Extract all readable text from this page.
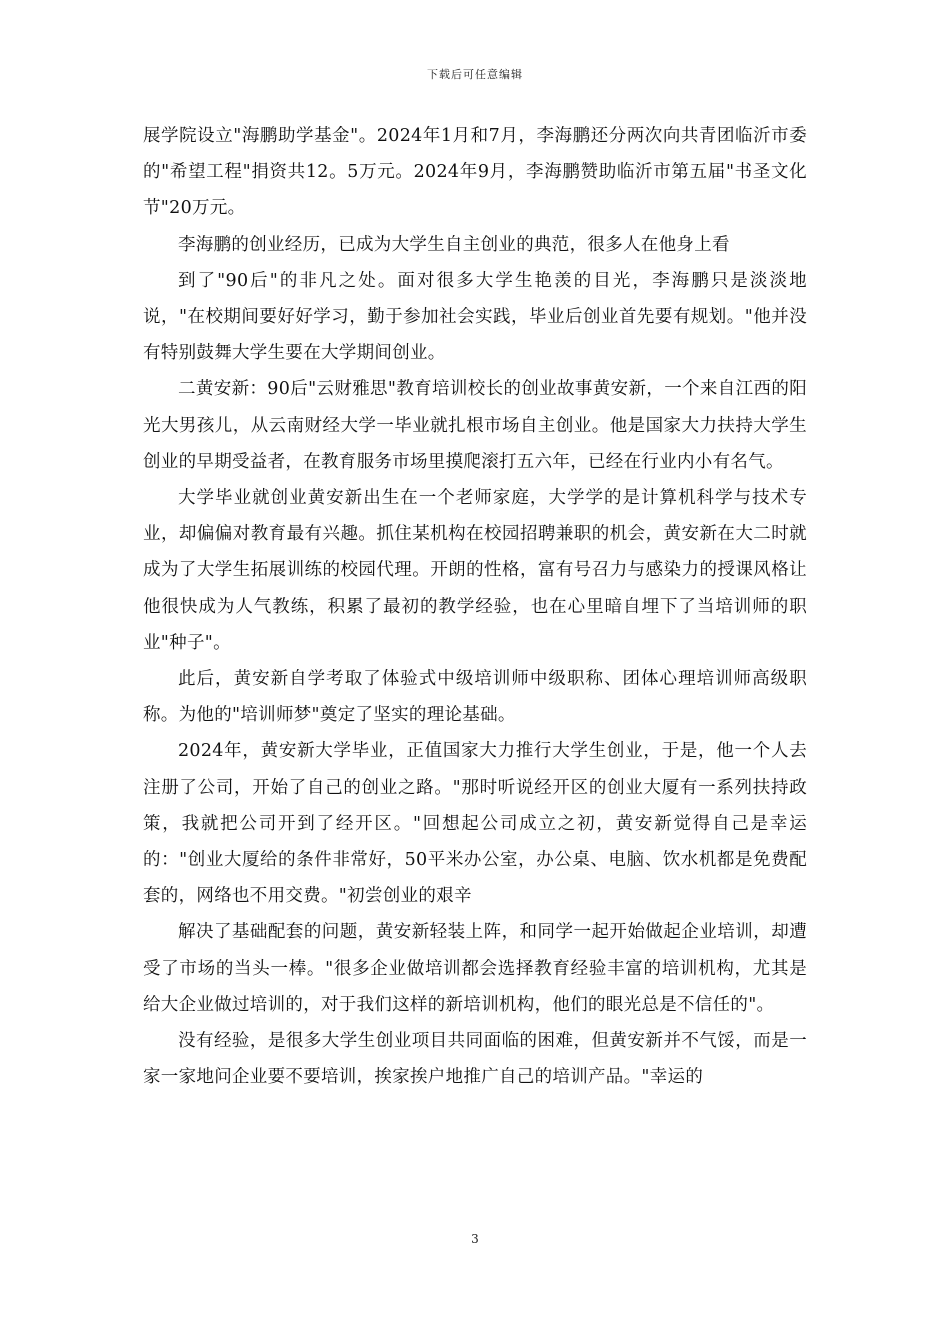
下载后可任意编辑

展学院设立"海鹏助学基金"。2024年1月和7月，李海鹏还分两次向共青团临沂市委的"希望工程"捐资共12。5万元。2024年9月，李海鹏赞助临沂市第五届"书圣文化节"20万元。

李海鹏的创业经历，已成为大学生自主创业的典范，很多人在他身上看

到了"90后"的非凡之处。面对很多大学生艳羡的目光，李海鹏只是淡淡地说，"在校期间要好好学习，勤于参加社会实践，毕业后创业首先要有规划。"他并没有特别鼓舞大学生要在大学期间创业。

二黄安新：90后"云财雅思"教育培训校长的创业故事黄安新，一个来自江西的阳光大男孩儿，从云南财经大学一毕业就扎根市场自主创业。他是国家大力扶持大学生创业的早期受益者，在教育服务市场里摸爬滚打五六年，已经在行业内小有名气。

大学毕业就创业黄安新出生在一个老师家庭，大学学的是计算机科学与技术专业，却偏偏对教育最有兴趣。抓住某机构在校园招聘兼职的机会，黄安新在大二时就成为了大学生拓展训练的校园代理。开朗的性格，富有号召力与感染力的授课风格让他很快成为人气教练，积累了最初的教学经验，也在心里暗自埋下了当培训师的职业"种子"。

此后，黄安新自学考取了体验式中级培训师中级职称、团体心理培训师高级职称。为他的"培训师梦"奠定了坚实的理论基础。

2024年，黄安新大学毕业，正值国家大力推行大学生创业，于是，他一个人去注册了公司，开始了自己的创业之路。"那时听说经开区的创业大厦有一系列扶持政策，我就把公司开到了经开区。"回想起公司成立之初，黄安新觉得自己是幸运的："创业大厦给的条件非常好，50平米办公室，办公桌、电脑、饮水机都是免费配套的，网络也不用交费。"初尝创业的艰辛

解决了基础配套的问题，黄安新轻装上阵，和同学一起开始做起企业培训，却遭受了市场的当头一棒。"很多企业做培训都会选择教育经验丰富的培训机构，尤其是给大企业做过培训的，对于我们这样的新培训机构，他们的眼光总是不信任的"。

没有经验，是很多大学生创业项目共同面临的困难，但黄安新并不气馁，而是一家一家地问企业要不要培训，挨家挨户地推广自己的培训产品。"幸运的

3
